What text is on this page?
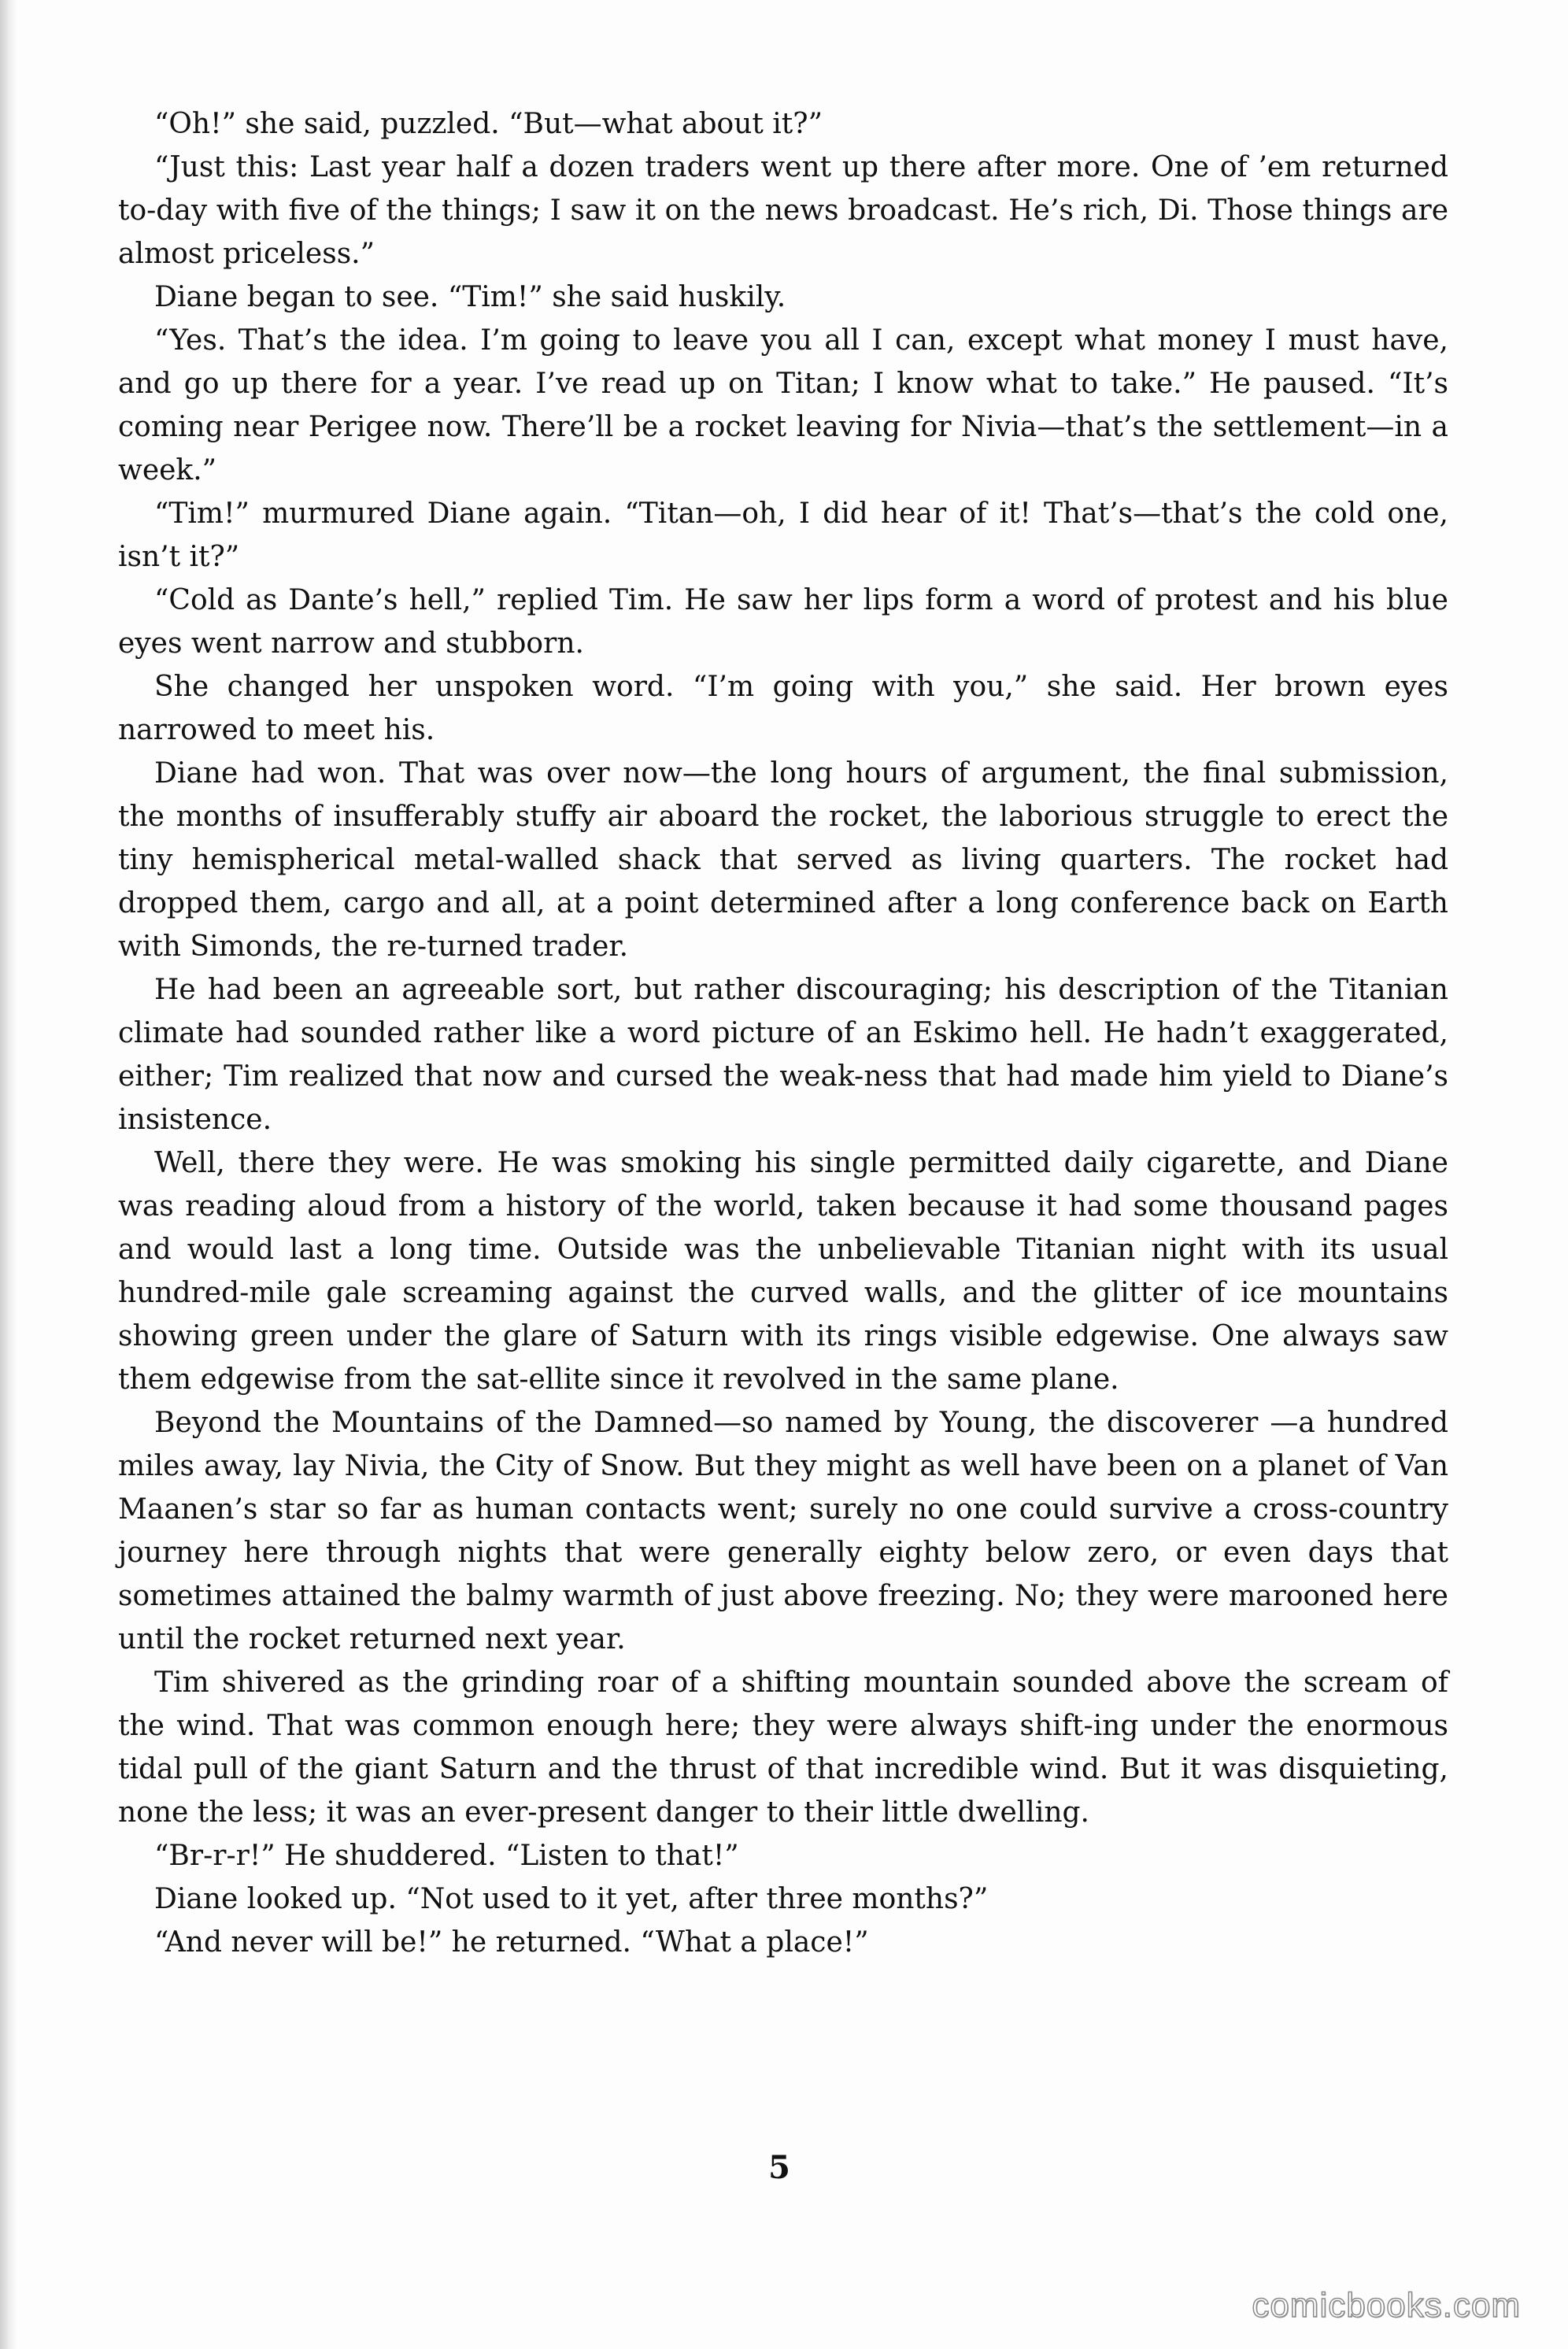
“Oh!” she said, puzzled. “But—what about it?”

“Just this: Last year half a dozen traders went up there after more. One of ’em returned to-day with five of the things; I saw it on the news broadcast. He’s rich, Di. Those things are almost priceless.”

Diane began to see. “Tim!” she said huskily.

“Yes. That’s the idea. I’m going to leave you all I can, except what money I must have, and go up there for a year. I’ve read up on Titan; I know what to take.” He paused. “It’s coming near Perigee now. There’ll be a rocket leaving for Nivia—that’s the settlement—in a week.”

“Tim!” murmured Diane again. “Titan—oh, I did hear of it! That’s—that’s the cold one, isn’t it?”

“Cold as Dante’s hell,” replied Tim. He saw her lips form a word of protest and his blue eyes went narrow and stubborn.

She changed her unspoken word. “I’m going with you,” she said. Her brown eyes narrowed to meet his.

Diane had won. That was over now—the long hours of argument, the final submission, the months of insufferably stuffy air aboard the rocket, the laborious struggle to erect the tiny hemispherical metal-walled shack that served as living quarters. The rocket had dropped them, cargo and all, at a point determined after a long conference back on Earth with Simonds, the re-turned trader.

He had been an agreeable sort, but rather discouraging; his description of the Titanian climate had sounded rather like a word picture of an Eskimo hell. He hadn’t exaggerated, either; Tim realized that now and cursed the weak-ness that had made him yield to Diane’s insistence.

Well, there they were. He was smoking his single permitted daily cigarette, and Diane was reading aloud from a history of the world, taken because it had some thousand pages and would last a long time. Outside was the unbelievable Titanian night with its usual hundred-mile gale screaming against the curved walls, and the glitter of ice mountains showing green under the glare of Saturn with its rings visible edgewise. One always saw them edgewise from the sat-ellite since it revolved in the same plane.

Beyond the Mountains of the Damned—so named by Young, the discoverer —a hundred miles away, lay Nivia, the City of Snow. But they might as well have been on a planet of Van Maanen’s star so far as human contacts went; surely no one could survive a cross-country journey here through nights that were generally eighty below zero, or even days that sometimes attained the balmy warmth of just above freezing. No; they were marooned here until the rocket returned next year.

Tim shivered as the grinding roar of a shifting mountain sounded above the scream of the wind. That was common enough here; they were always shift-ing under the enormous tidal pull of the giant Saturn and the thrust of that incredible wind. But it was disquieting, none the less; it was an ever-present danger to their little dwelling.

“Br-r-r!” He shuddered. “Listen to that!”

Diane looked up. “Not used to it yet, after three months?”

“And never will be!” he returned. “What a place!”

5
comicbooks.com
